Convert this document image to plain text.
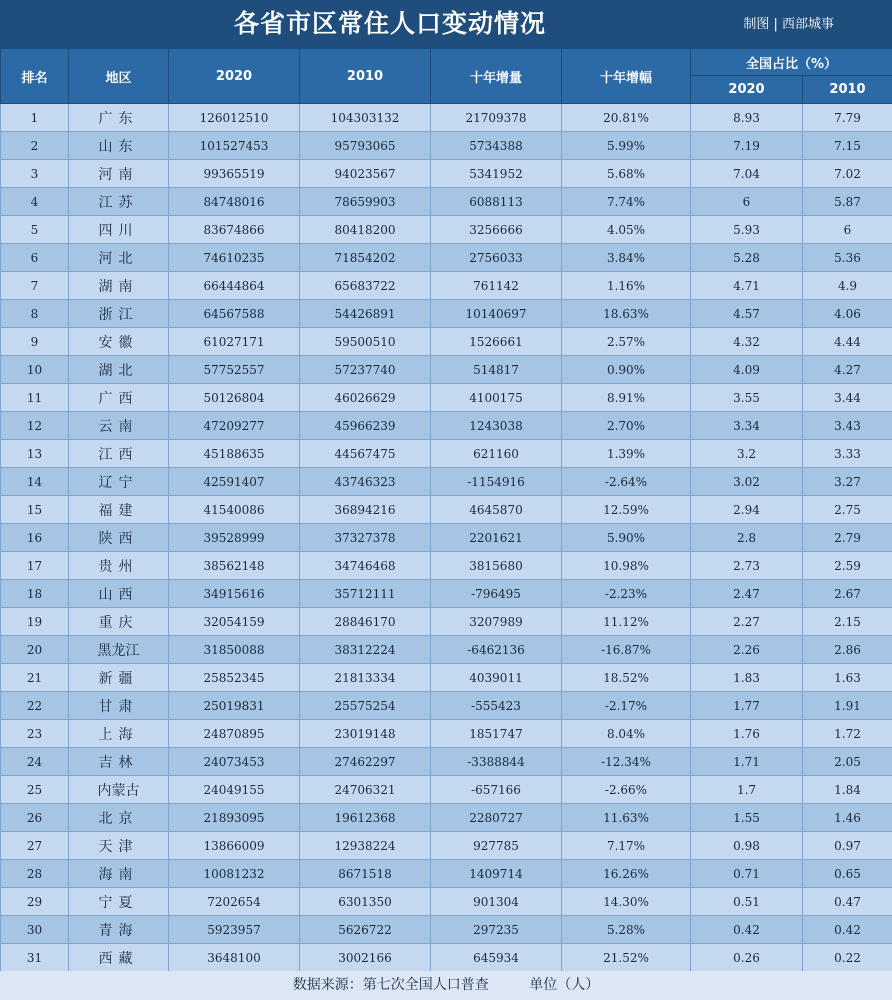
各省市区常住人口变动情况	制图 | 西部城事
排名	地区	2020	2010	十年增量	十年增幅	全国占比（%）	
						2020	2010
1	广东	126012510	104303132	21709378	20.81%	8.93	7.79
2	山东	101527453	95793065	5734388	5.99%	7.19	7.15
3	河南	99365519	94023567	5341952	5.68%	7.04	7.02
4	江苏	84748016	78659903	6088113	7.74%	6	5.87
5	四川	83674866	80418200	3256666	4.05%	5.93	6
6	河北	74610235	71854202	2756033	3.84%	5.28	5.36
7	湖南	66444864	65683722	761142	1.16%	4.71	4.9
8	浙江	64567588	54426891	10140697	18.63%	4.57	4.06
9	安徽	61027171	59500510	1526661	2.57%	4.32	4.44
10	湖北	57752557	57237740	514817	0.90%	4.09	4.27
11	广西	50126804	46026629	4100175	8.91%	3.55	3.44
12	云南	47209277	45966239	1243038	2.70%	3.34	3.43
13	江西	45188635	44567475	621160	1.39%	3.2	3.33
14	辽宁	42591407	43746323	-1154916	-2.64%	3.02	3.27
15	福建	41540086	36894216	4645870	12.59%	2.94	2.75
16	陕西	39528999	37327378	2201621	5.90%	2.8	2.79
17	贵州	38562148	34746468	3815680	10.98%	2.73	2.59
18	山西	34915616	35712111	-796495	-2.23%	2.47	2.67
19	重庆	32054159	28846170	3207989	11.12%	2.27	2.15
20	黑龙江	31850088	38312224	-6462136	-16.87%	2.26	2.86
21	新疆	25852345	21813334	4039011	18.52%	1.83	1.63
22	甘肃	25019831	25575254	-555423	-2.17%	1.77	1.91
23	上海	24870895	23019148	1851747	8.04%	1.76	1.72
24	吉林	24073453	27462297	-3388844	-12.34%	1.71	2.05
25	内蒙古	24049155	24706321	-657166	-2.66%	1.7	1.84
26	北京	21893095	19612368	2280727	11.63%	1.55	1.46
27	天津	13866009	12938224	927785	7.17%	0.98	0.97
28	海南	10081232	8671518	1409714	16.26%	0.71	0.65
29	宁夏	7202654	6301350	901304	14.30%	0.51	0.47
30	青海	5923957	5626722	297235	5.28%	0.42	0.42
31	西藏	3648100	3002166	645934	21.52%	0.26	0.22
数据来源：第七次全国人口普查	单位（人）
